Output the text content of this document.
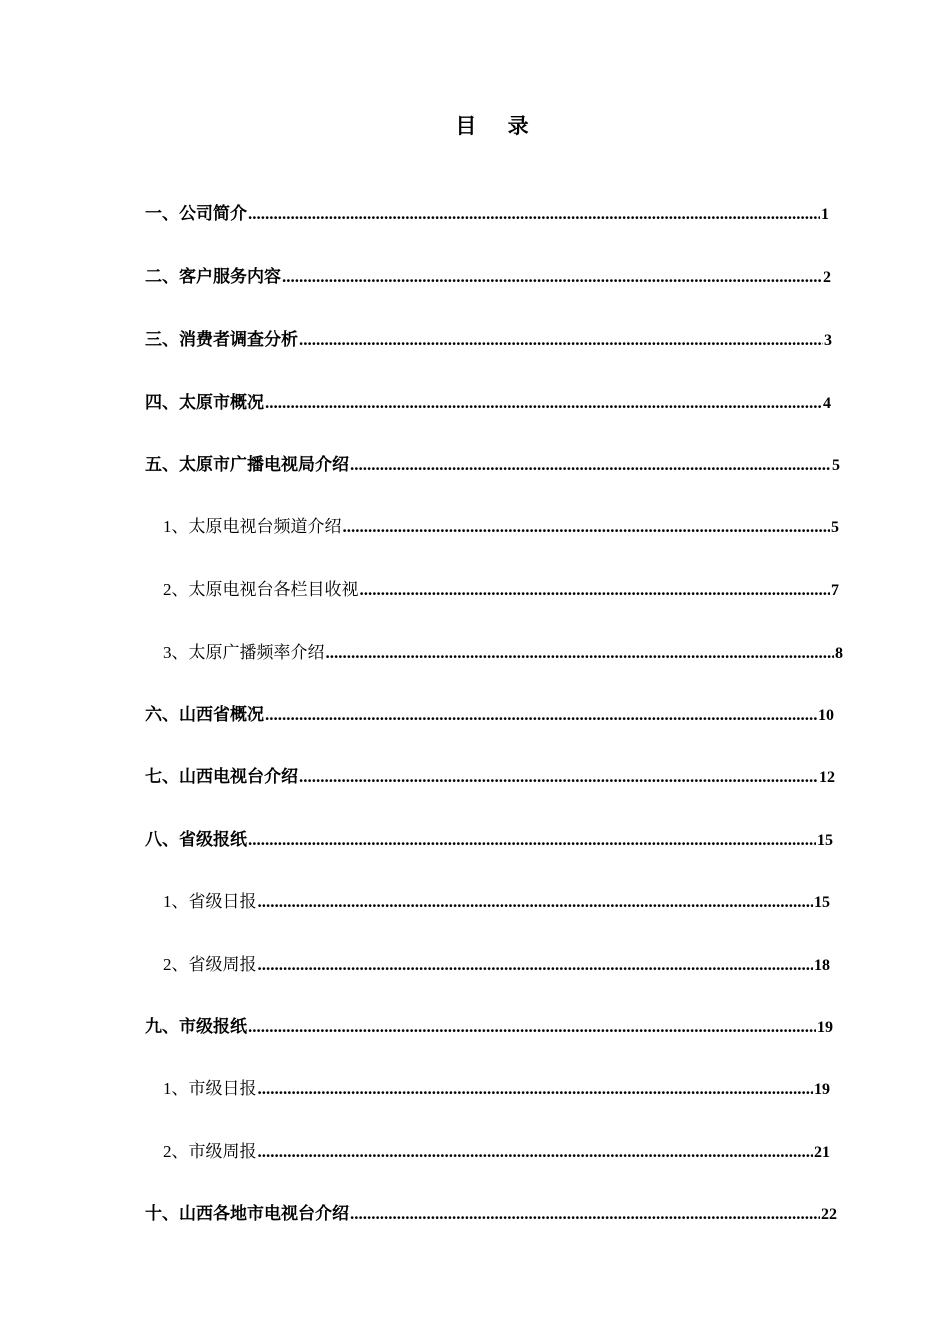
目 录
一、公司简介 .....	1
二、客户服务内容 .....	2
三、消费者调查分析 .....	3
四、太原市概况 .....	4
五、太原市广播电视局介绍 .....	5
1、太原电视台频道介绍 .....	5
2、太原电视台各栏目收视 .....	7
3、太原广播频率介绍 .....	8
六、山西省概况 .....	10
七、山西电视台介绍 .....	12
八、省级报纸 .....	15
1、省级日报 .....	15
2、省级周报 .....	18
九、市级报纸 .....	19
1、市级日报 .....	19
2、市级周报 .....	21
十、山西各地市电视台介绍 .....	22
